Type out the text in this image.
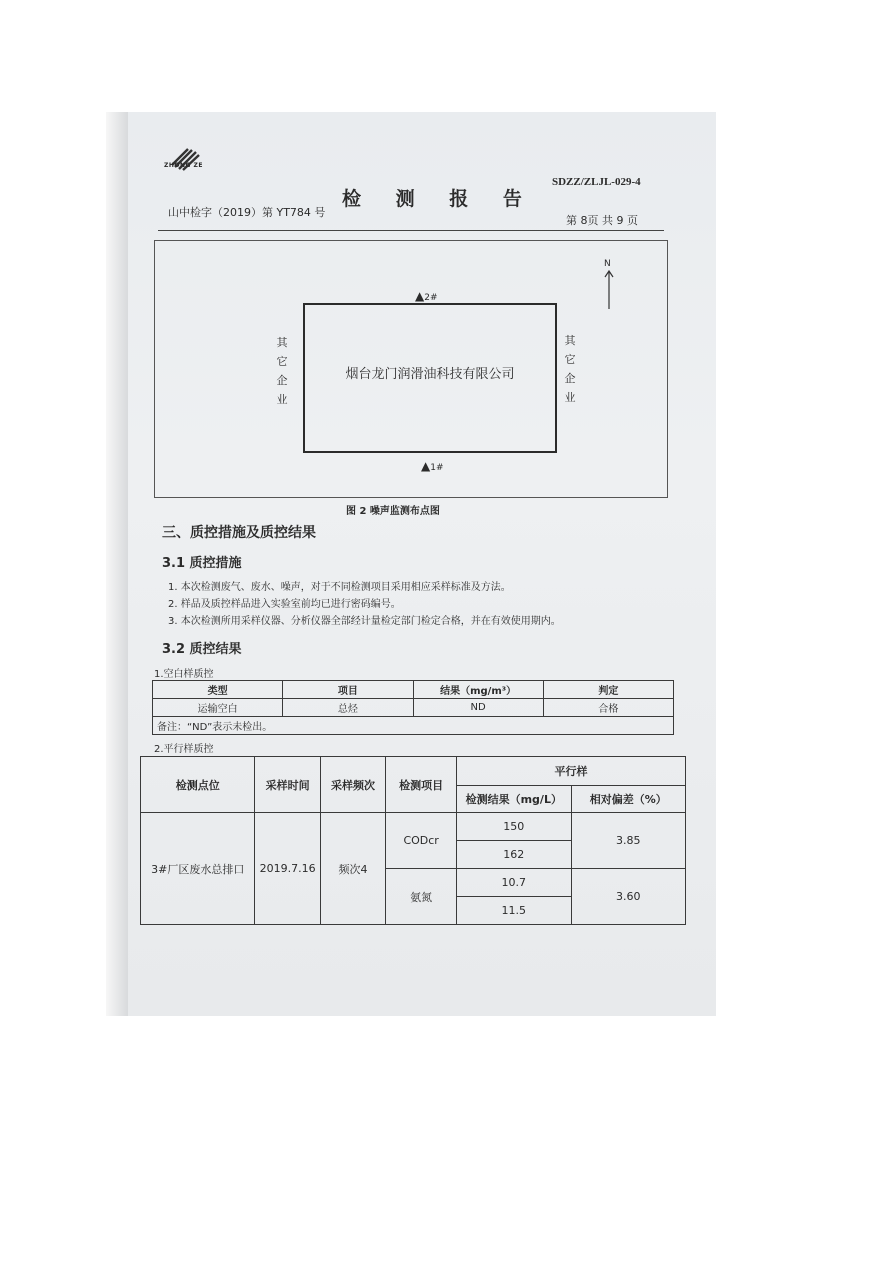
ZHONG ZE
SDZZ/ZLJL-029-4
检 测 报 告
山中检字（2019）第 YT784 号
第 8页 共 9 页
烟台龙门润滑油科技有限公司
其它企业
其它企业
▲2#
▲1#
N
图 2 噪声监测布点图
三、质控措施及质控结果
3.1 质控措施
1. 本次检测废气、废水、噪声，对于不同检测项目采用相应采样标准及方法。
2. 样品及质控样品进入实验室前均已进行密码编号。
3. 本次检测所用采样仪器、分析仪器全部经计量检定部门检定合格，并在有效使用期内。
3.2 质控结果
1.空白样质控
类型	项目	结果（mg/m³）	判定
运输空白	总烃	ND	合格
备注：“ND”表示未检出。			
2.平行样质控
检测点位	采样时间	采样频次	检测项目	平行样	
				检测结果（mg/L）	相对偏差（%）
3#厂区废水总排口	2019.7.16	频次4	CODcr	150	3.85
				162	
			氨氮	10.7	3.60
				11.5	
